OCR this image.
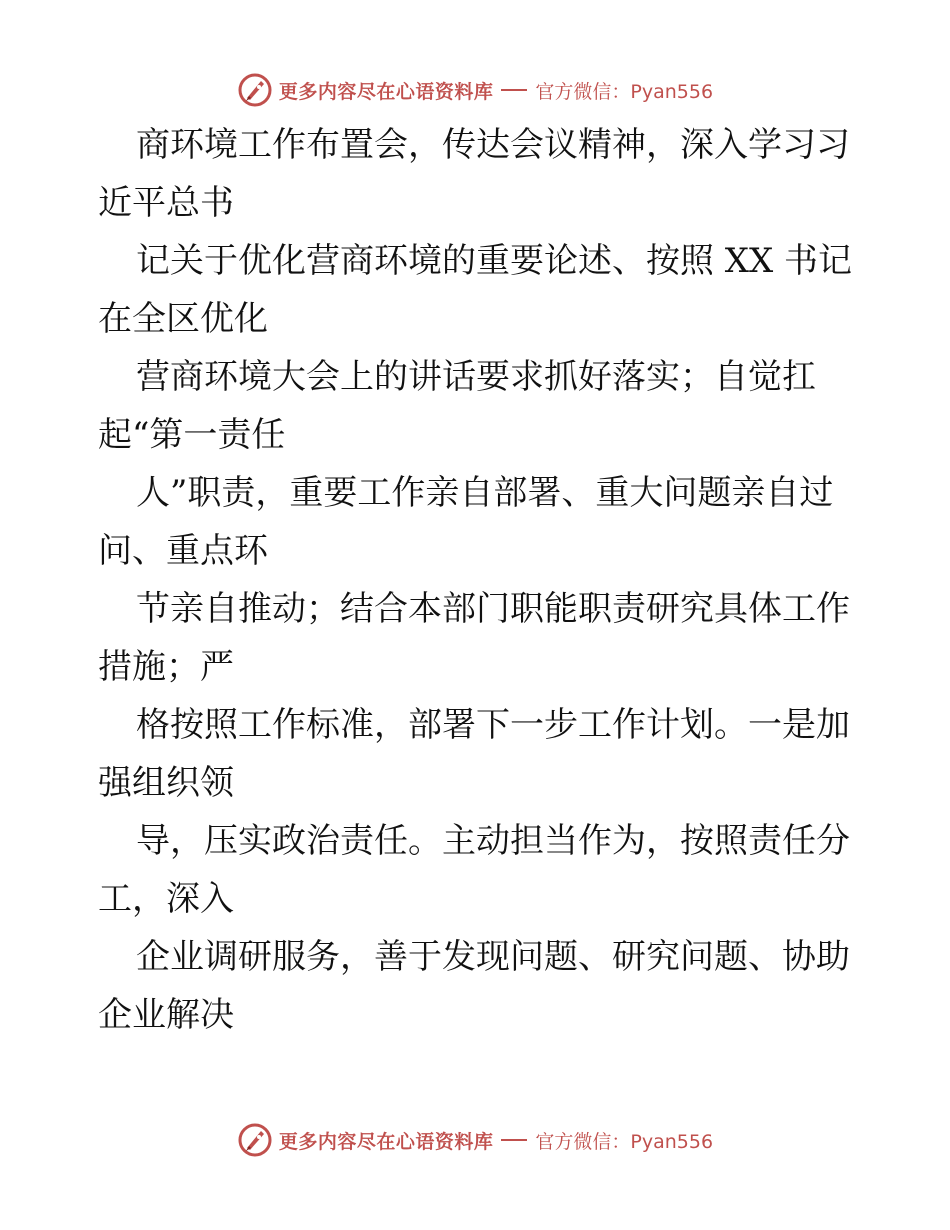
更多内容尽在心语资料库 官方微信：Pyan556

商环境工作布置会，传达会议精神，深入学习习
近平总书

记关于优化营商环境的重要论述、按照 XX 书记
在全区优化

营商环境大会上的讲话要求抓好落实；自觉扛
起“第一责任

人”职责，重要工作亲自部署、重大问题亲自过
问、重点环

节亲自推动；结合本部门职能职责研究具体工作
措施；严

格按照工作标准，部署下一步工作计划。一是加
强组织领

导，压实政治责任。主动担当作为，按照责任分
工，深入

企业调研服务，善于发现问题、研究问题、协助
企业解决

更多内容尽在心语资料库 官方微信：Pyan556
